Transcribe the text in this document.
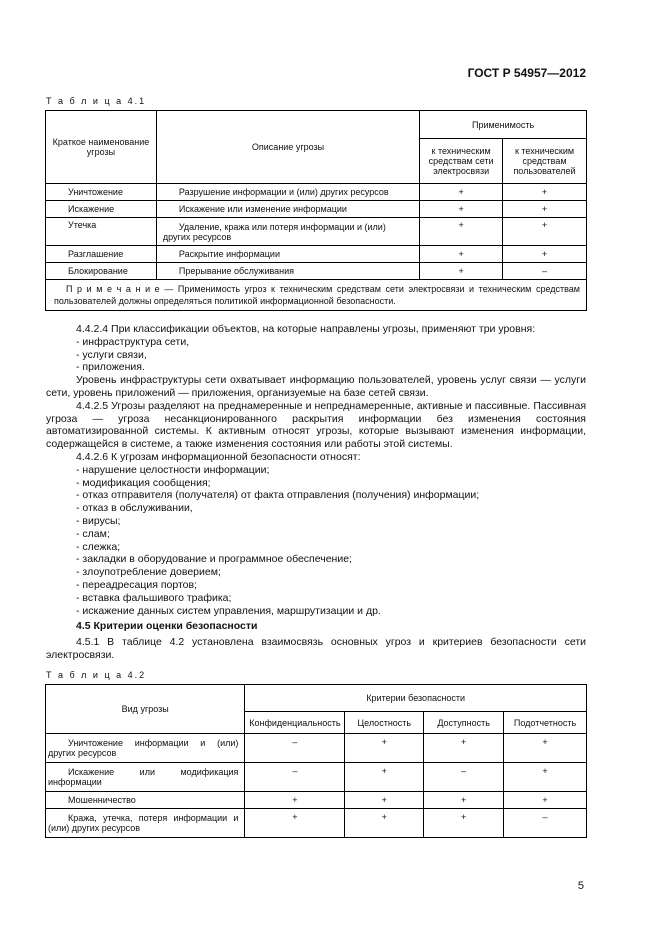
ГОСТ Р 54957—2012
Т а б л и ц а 4.1
Краткое наименование угрозы	Описание угрозы	Применимость	
		к техническим средствам сети электросвязи	к техническим средствам пользователей
Уничтожение	Разрушение информации и (или) других ресурсов	+	+
Искажение	Искажение или изменение информации	+	+
Утечка	Удаление, кража или потеря информации и (или) других ресурсов	+	+
Разглашение	Раскрытие информации	+	+
Блокирование	Прерывание обслуживания	+	–
П р и м е ч а н и е — Применимость угроз к техническим средствам сети электросвязи и техническим средствам пользователей должны определяться политикой информационной безопасности.			

4.4.2.4 При классификации объектов, на которые направлены угрозы, применяют три уровня:

- инфраструктура сети,

- услуги связи,

- приложения.

Уровень инфраструктуры сети охватывает информацию пользователей, уровень услуг связи — услуги сети, уровень приложений — приложения, организуемые на базе сетей связи.

4.4.2.5 Угрозы разделяют на преднамеренные и непреднамеренные, активные и пассивные. Пассивная угроза — угроза несанкционированного раскрытия информации без изменения состояния автоматизированной системы. К активным относят угрозы, которые вызывают изменения информации, содержащейся в системе, а также изменения состояния или работы этой системы.

4.4.2.6 К угрозам информационной безопасности относят:

- нарушение целостности информации;

- модификация сообщения;

- отказ отправителя (получателя) от факта отправления (получения) информации;

- отказ в обслуживании,

- вирусы;

- слам;

- слежка;

- закладки в оборудование и программное обеспечение;

- злоупотребление доверием;

- переадресация портов;

- вставка фальшивого трафика;

- искажение данных систем управления, маршрутизации и др.

4.5 Критерии оценки безопасности

4.5.1 В таблице 4.2 установлена взаимосвязь основных угроз и критериев безопасности сети электросвязи.

Т а б л и ц а 4.2
Вид угрозы	Критерии безопасности			
	Конфиденциальность	Целостность	Доступность	Подотчетность
Уничтожение информации и (или) других ресурсов	–	+	+	+
Искажение или модификация информации	–	+	–	+
Мошенничество	+	+	+	+
Кража, утечка, потеря информации и (или) других ресурсов	+	+	+	–
5
